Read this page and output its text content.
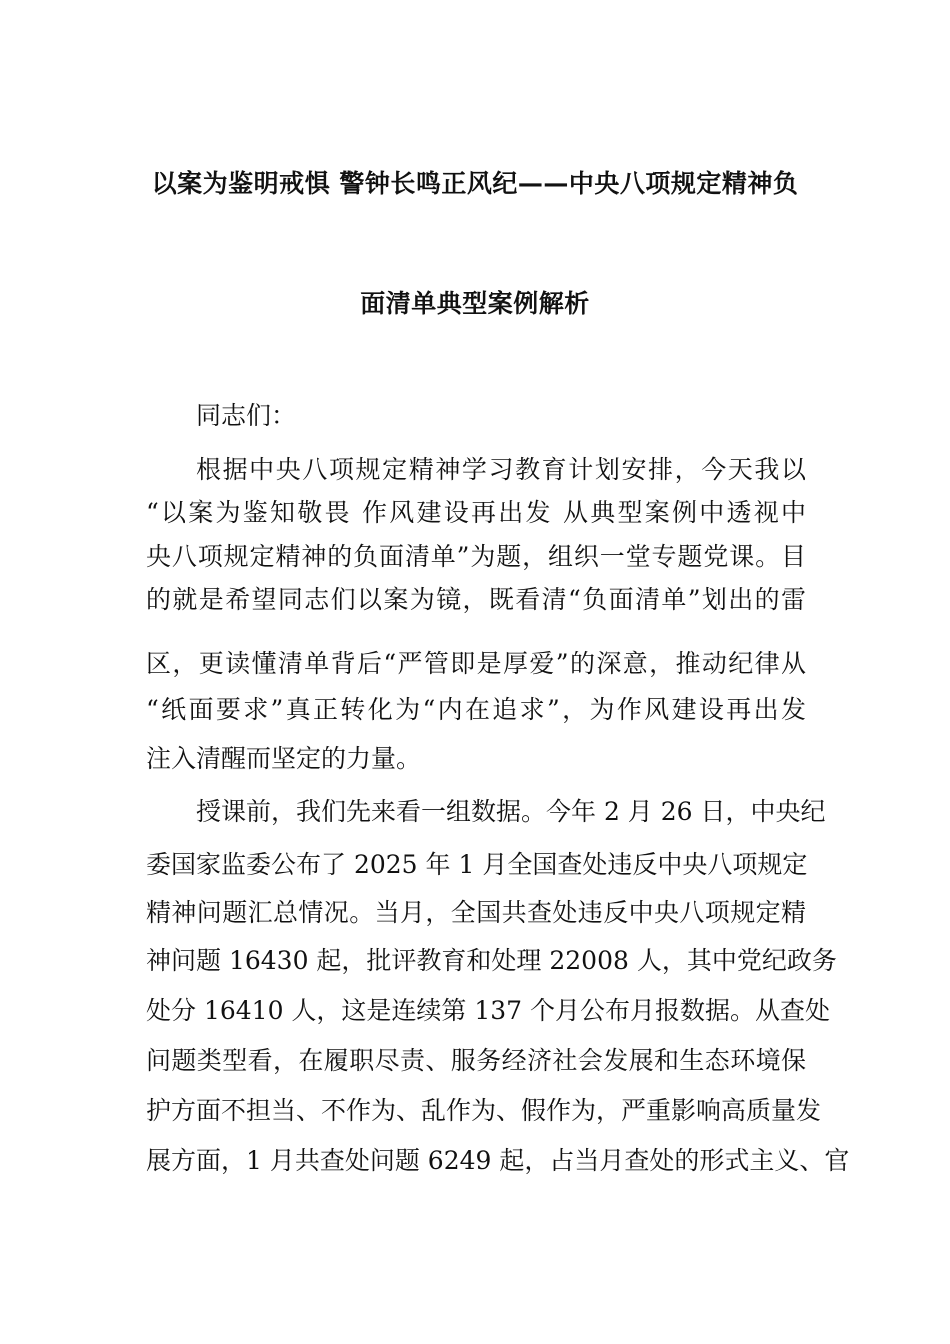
以案为鉴明戒惧 警钟长鸣正风纪——中央八项规定精神负
面清单典型案例解析
同志们：
根据中央八项规定精神学习教育计划安排，今天我以
“以案为鉴知敬畏 作风建设再出发 从典型案例中透视中
央八项规定精神的负面清单”为题，组织一堂专题党课。目
的就是希望同志们以案为镜，既看清“负面清单”划出的雷
区，更读懂清单背后“严管即是厚爱”的深意，推动纪律从
“纸面要求”真正转化为“内在追求”，为作风建设再出发
注入清醒而坚定的力量。
授课前，我们先来看一组数据。今年 2 月 26 日，中央纪
委国家监委公布了 2025 年 1 月全国查处违反中央八项规定
精神问题汇总情况。当月，全国共查处违反中央八项规定精
神问题 16430 起，批评教育和处理 22008 人，其中党纪政务
处分 16410 人，这是连续第 137 个月公布月报数据。从查处
问题类型看，在履职尽责、服务经济社会发展和生态环境保
护方面不担当、不作为、乱作为、假作为，严重影响高质量发
展方面，1 月共查处问题 6249 起，占当月查处的形式主义、官
